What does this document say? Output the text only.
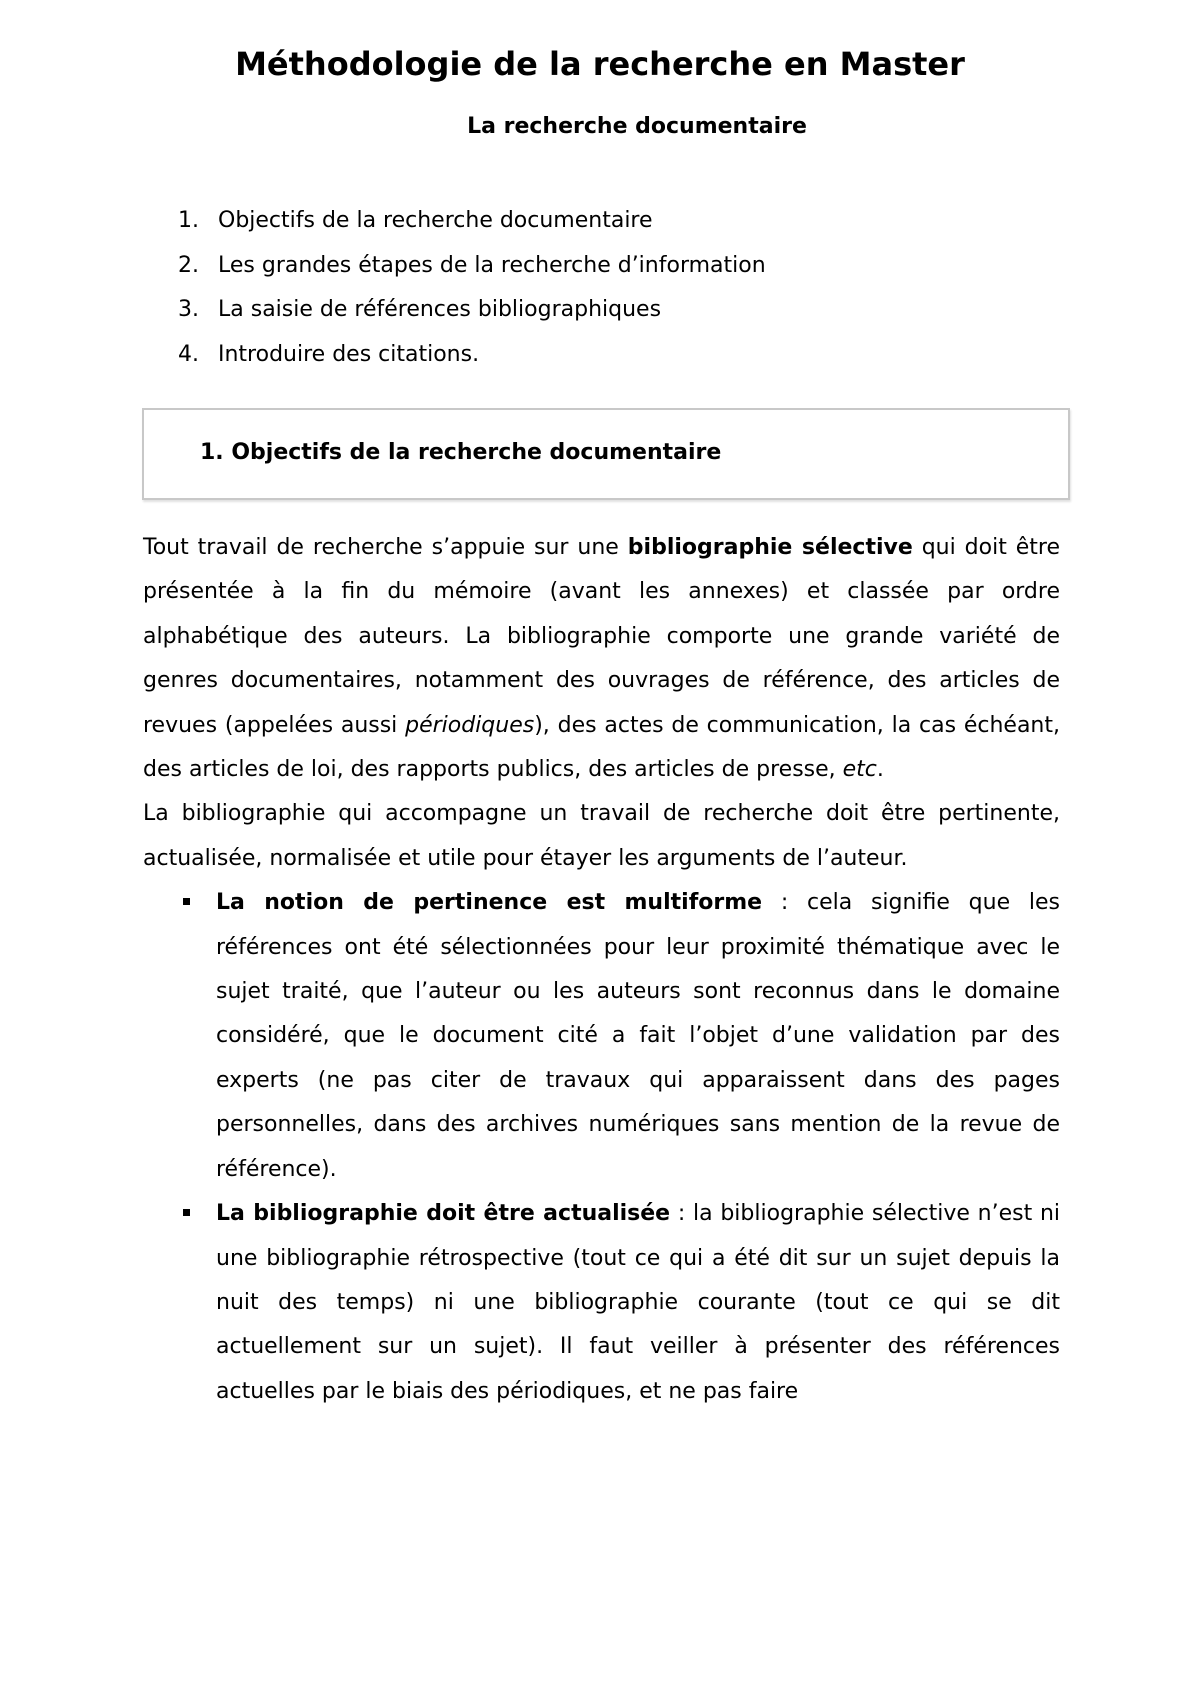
Méthodologie de la recherche en Master
La recherche documentaire
1. Objectifs de la recherche documentaire
2. Les grandes étapes de la recherche d’information
3. La saisie de références bibliographiques
4. Introduire des citations.
1. Objectifs de la recherche documentaire

Tout travail de recherche s’appuie sur une bibliographie sélective qui doit être présentée à la fin du mémoire (avant les annexes) et classée par ordre alphabétique des auteurs. La bibliographie comporte une grande variété de genres documentaires, notamment des ouvrages de référence, des articles de revues (appelées aussi périodiques), des actes de communication, la cas échéant, des articles de loi, des rapports publics, des articles de presse, etc.

La bibliographie qui accompagne un travail de recherche doit être pertinente, actualisée, normalisée et utile pour étayer les arguments de l’auteur.

La notion de pertinence est multiforme : cela signifie que les références ont été sélectionnées pour leur proximité thématique avec le sujet traité, que l’auteur ou les auteurs sont reconnus dans le domaine considéré, que le document cité a fait l’objet d’une validation par des experts (ne pas citer de travaux qui apparaissent dans des pages personnelles, dans des archives numériques sans mention de la revue de référence).
La bibliographie doit être actualisée : la bibliographie sélective n’est ni une bibliographie rétrospective (tout ce qui a été dit sur un sujet depuis la nuit des temps) ni une bibliographie courante (tout ce qui se dit actuellement sur un sujet). Il faut veiller à présenter des références actuelles par le biais des périodiques, et ne pas faire
